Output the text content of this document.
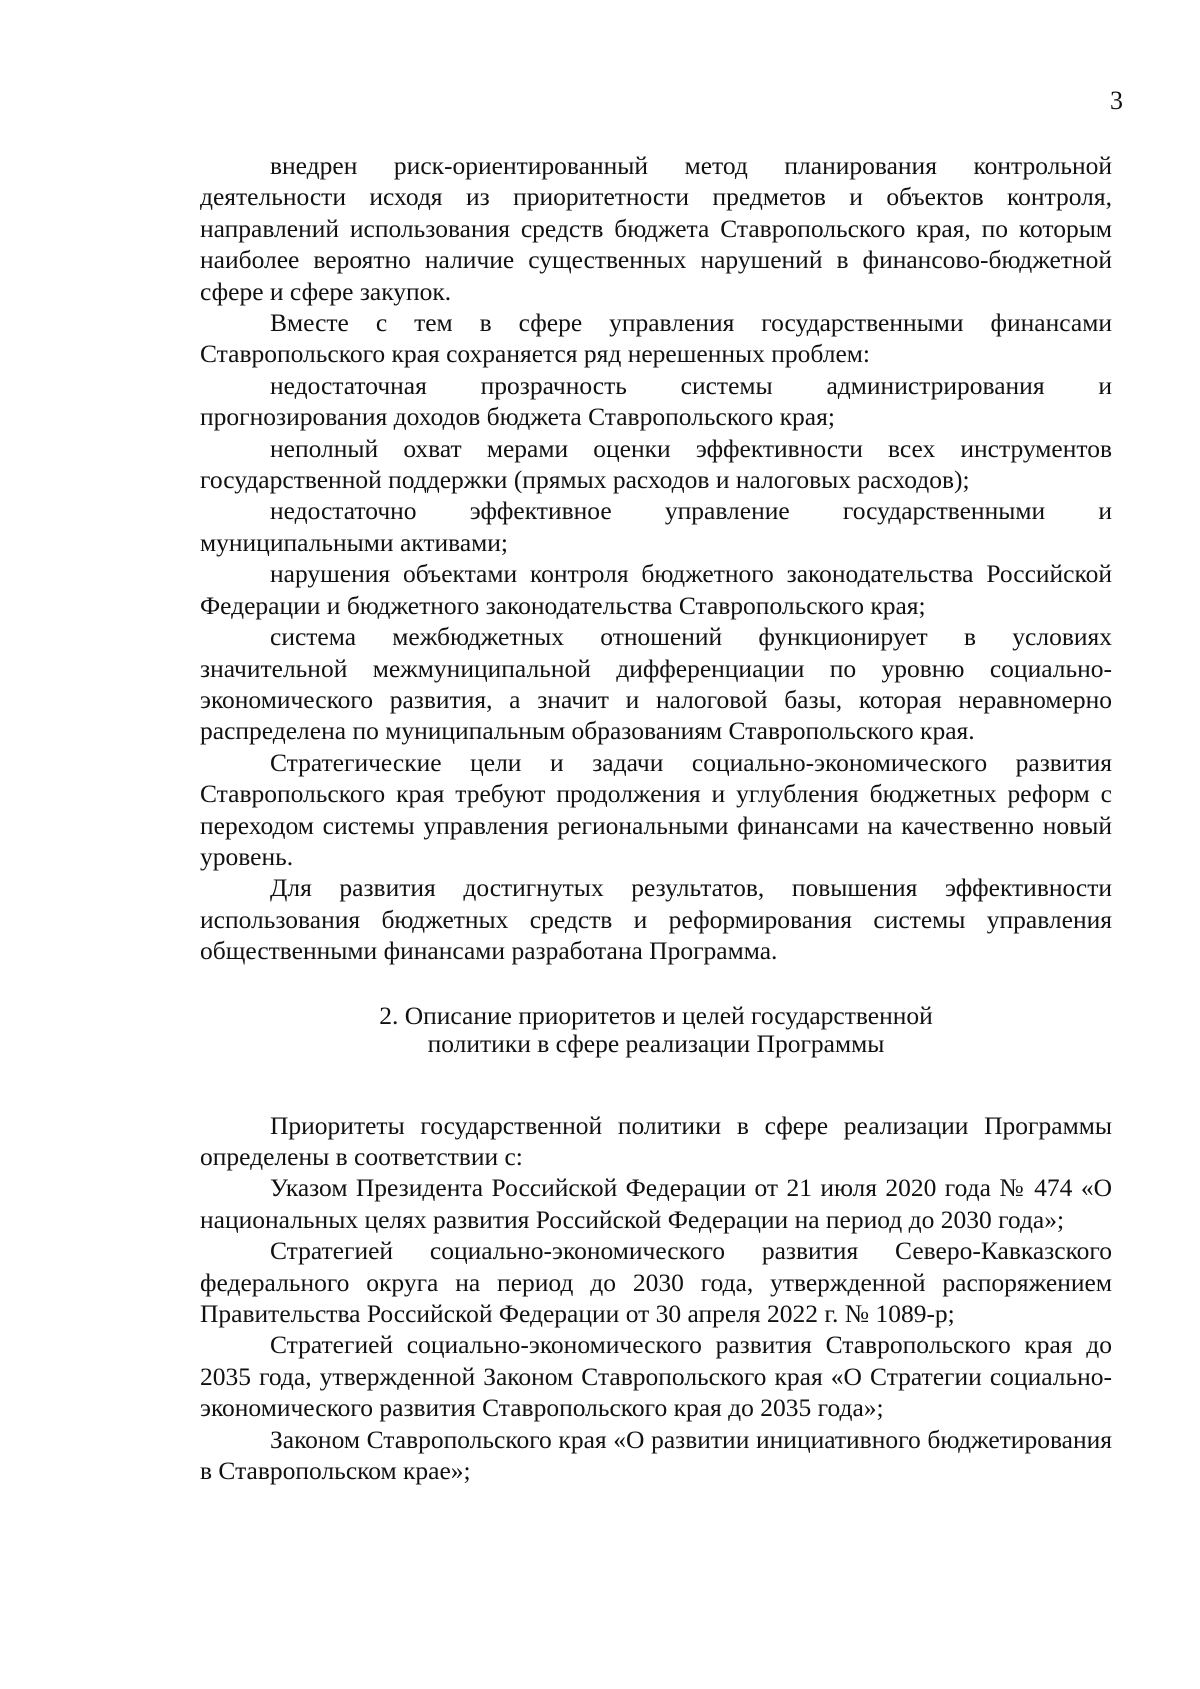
3

внедрен риск-ориентированный метод планирования контрольной деятельности исходя из приоритетности предметов и объектов контроля, направлений использования средств бюджета Ставропольского края, по которым наиболее вероятно наличие существенных нарушений в финансово-бюджетной сфере и сфере закупок.

Вместе с тем в сфере управления государственными финансами Ставропольского края сохраняется ряд нерешенных проблем:

недостаточная прозрачность системы администрирования и прогнозирования доходов бюджета Ставропольского края;

неполный охват мерами оценки эффективности всех инструментов государственной поддержки (прямых расходов и налоговых расходов);

недостаточно эффективное управление государственными и муниципальными активами;

нарушения объектами контроля бюджетного законодательства Российской Федерации и бюджетного законодательства Ставропольского края;

система межбюджетных отношений функционирует в условиях значительной межмуниципальной дифференциации по уровню социально-экономического развития, а значит и налоговой базы, которая неравномерно распределена по муниципальным образованиям Ставропольского края.

Стратегические цели и задачи социально-экономического развития Ставропольского края требуют продолжения и углубления бюджетных реформ с переходом системы управления региональными финансами на качественно новый уровень.

Для развития достигнутых результатов, повышения эффективности использования бюджетных средств и реформирования системы управления общественными финансами разработана Программа.

2. Описание приоритетов и целей государственной
политики в сфере реализации Программы

Приоритеты государственной политики в сфере реализации Программы определены в соответствии с:

Указом Президента Российской Федерации от 21 июля 2020 года № 474 «О национальных целях развития Российской Федерации на период до 2030 года»;

Стратегией социально-экономического развития Северо-Кавказского федерального округа на период до 2030 года, утвержденной распоряжением Правительства Российской Федерации от 30 апреля 2022 г. № 1089-р;

Стратегией социально-экономического развития Ставропольского края до 2035 года, утвержденной Законом Ставропольского края «О Стратегии социально-экономического развития Ставропольского края до 2035 года»;

Законом Ставропольского края «О развитии инициативного бюджетирования в Ставропольском крае»;
